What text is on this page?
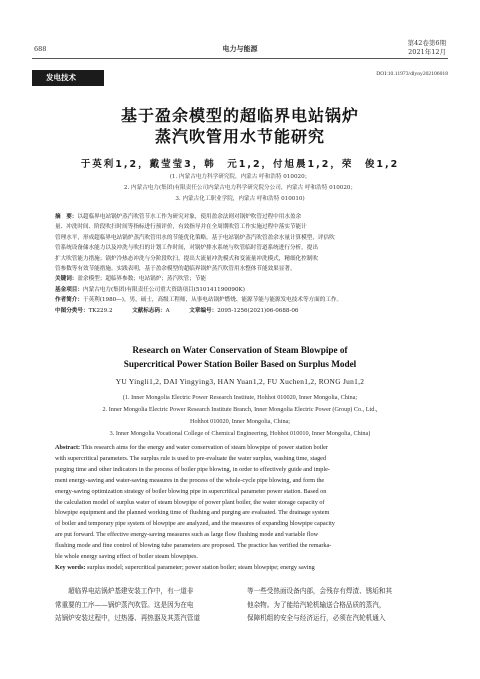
688	电力与能源
第42卷第6期
2021年12月
发电技术	DOI:10.11973/dlyny202106018
基于盈余模型的超临界电站锅炉
蒸汽吹管用水节能研究
于英利1,2，戴莹莹3，韩　元1,2，付旭晨1,2，荣　俊1,2
(1. 内蒙古电力科学研究院，内蒙古 呼和浩特 010020；
2. 内蒙古电力(集团)有限责任公司内蒙古电力科学研究院分公司，内蒙古 呼和浩特 010020；
3. 内蒙古化工职业学院，内蒙古 呼和浩特 010010)
摘　要：以超临界电站锅炉蒸汽吹管节水工作为研究对象，使用盈余法则对锅炉吹管过程中用水盈余
量、冲洗时间、阶段吹扫时间等指标进行预评价，有效指导并在全周期吹管工作实施过程中落实节能计
管理水平，形成超临界电站锅炉蒸汽吹管用水的节能优化策略。基于电站锅炉蒸汽吹管盈余水量计算模型，评估吹
管系统设备储水能力以及冲洗与吹扫的计划工作时间，对锅炉排水系统与吹管临时管道系统进行分析，提出
扩大吹管能力措施；锅炉冷热态冲洗与分阶段吹扫，提出大流量冲洗模式和变流量冲洗模式，精细化控制吹
管参数等有效节能措施。实践表明，基于盈余模型的超临界锅炉蒸汽吹管用水整体节能效果显著。
关键词：盈余模型；超临界参数；电站锅炉；蒸汽吹管；节能
基金项目：内蒙古电力(集团)有限责任公司重大资助项目(510141190090K)
作者简介：于英利(1980—)，男，硕士，高级工程师，从事电站锅炉燃烧、能源节能与能源发电技术等方面的工作。
中图分类号：TK229.2	文献标志码：A	文章编号：2095-1256(2021)06-0688-06
Research on Water Conservation of Steam Blowpipe of
Supercritical Power Station Boiler Based on Surplus Model
YU Yingli1,2, DAI Yingying3, HAN Yuan1,2, FU Xuchen1,2, RONG Jun1,2
(1. Inner Mongolia Electric Power Research Institute, Hohhot 010020, Inner Mongolia, China;
2. Inner Mongolia Electric Power Research Institute Branch, Inner Mongolia Electric Power (Group) Co., Ltd.,
Hohhot 010020, Inner Mongolia, China;
3. Inner Mongolia Vocational College of Chemical Engineering, Hohhot 010010, Inner Mongolia, China)
Abstract: This research aims for the energy and water conservation of steam blowpipe of power station boiler
with supercritical parameters. The surplus rule is used to pre-evaluate the water surplus, washing time, staged
purging time and other indicators in the process of boiler pipe blowing, in order to effectively guide and imple-
ment energy-saving and water-saving measures in the process of the whole-cycle pipe blowing, and form the
energy-saving optimization strategy of boiler blowing pipe in supercritical parameter power station. Based on
the calculation model of surplus water of steam blowpipe of power plant boiler, the water storage capacity of
blowpipe equipment and the planned working time of flushing and purging are evaluated. The drainage system
of boiler and temporary pipe system of blowpipe are analyzed, and the measures of expanding blowpipe capacity
are put forward. The effective energy-saving measures such as large flow flushing mode and variable flow
flushing mode and fine control of blowing tube parameters are proposed. The practice has verified the remarka-
ble whole energy saving effect of boiler steam blowpipes.
Key words: surplus model; supercritical parameter; power station boiler; steam blowpipe; energy saving
　　超临界电站锅炉基建安装工作中，有一道非
常重要的工序——锅炉蒸汽吹管。这是因为在电
站锅炉安装过程中，过热器、再热器及其蒸汽管道
等一些受热面设备内部，会残存有焊渣、锈垢和其
他杂物。为了能给汽轮机输送合格品质的蒸汽，
保障机组的安全与经济运行，必须在汽轮机通入
